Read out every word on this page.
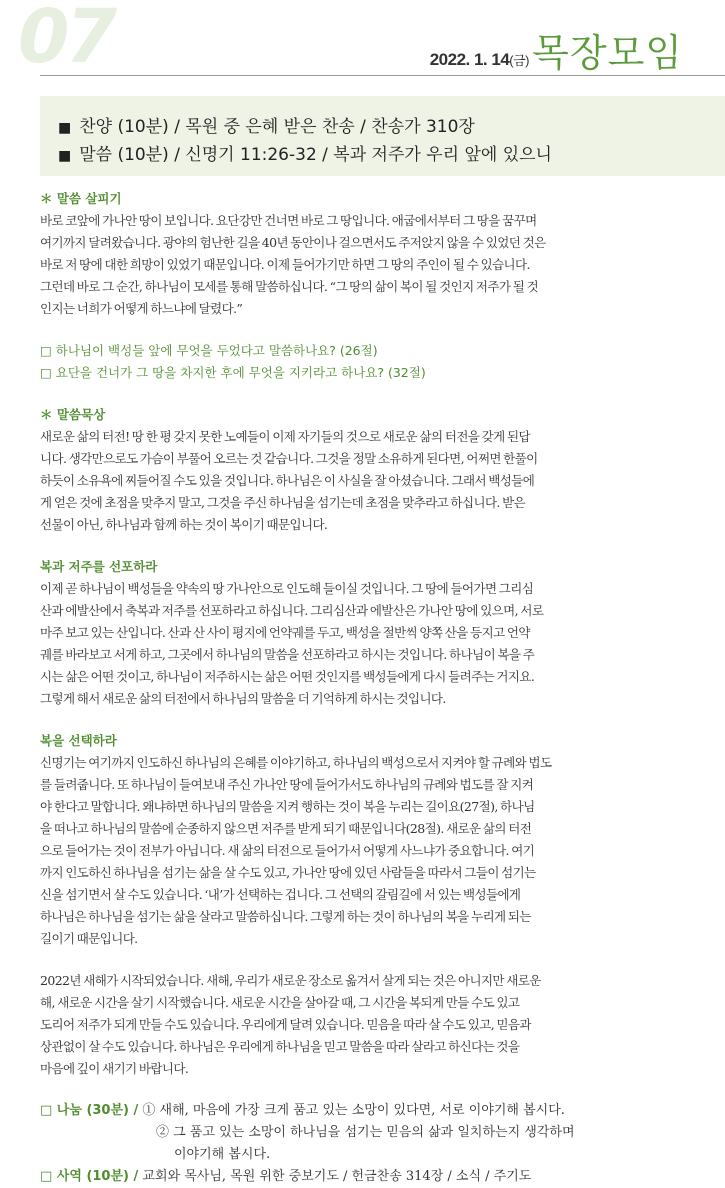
07	2022. 1. 14(금) 목장모임
■ 찬양 (10분) / 목원 중 은혜 받은 찬송 / 찬송가 310장
■ 말씀 (10분) / 신명기 11:26-32 / 복과 저주가 우리 앞에 있으니
＊ 말씀 살피기
바로 코앞에 가나안 땅이 보입니다. 요단강만 건너면 바로 그 땅입니다. 애굽에서부터 그 땅을 꿈꾸며
여기까지 달려왔습니다. 광야의 험난한 길을 40년 동안이나 걸으면서도 주저앉지 않을 수 있었던 것은
바로 저 땅에 대한 희망이 있었기 때문입니다. 이제 들어가기만 하면 그 땅의 주인이 될 수 있습니다.
그런데 바로 그 순간, 하나님이 모세를 통해 말씀하십니다. “그 땅의 삶이 복이 될 것인지 저주가 될 것
인지는 너희가 어떻게 하느냐에 달렸다.”
□ 하나님이 백성들 앞에 무엇을 두었다고 말씀하나요? (26절)
□ 요단을 건너가 그 땅을 차지한 후에 무엇을 지키라고 하나요? (32절)
＊ 말씀묵상
새로운 삶의 터전! 땅 한 평 갖지 못한 노예들이 이제 자기들의 것으로 새로운 삶의 터전을 갖게 된답
니다. 생각만으로도 가슴이 부풀어 오르는 것 같습니다. 그것을 정말 소유하게 된다면, 어쩌면 한풀이
하듯이 소유욕에 찌들어질 수도 있을 것입니다. 하나님은 이 사실을 잘 아셨습니다. 그래서 백성들에
게 얻은 것에 초점을 맞추지 말고, 그것을 주신 하나님을 섬기는데 초점을 맞추라고 하십니다. 받은
선물이 아닌, 하나님과 함께 하는 것이 복이기 때문입니다.
복과 저주를 선포하라
이제 곧 하나님이 백성들을 약속의 땅 가나안으로 인도해 들이실 것입니다. 그 땅에 들어가면 그리심
산과 에발산에서 축복과 저주를 선포하라고 하십니다. 그리심산과 에발산은 가나안 땅에 있으며, 서로
마주 보고 있는 산입니다. 산과 산 사이 평지에 언약궤를 두고, 백성을 절반씩 양쪽 산을 등지고 언약
궤를 바라보고 서게 하고, 그곳에서 하나님의 말씀을 선포하라고 하시는 것입니다. 하나님이 복을 주
시는 삶은 어떤 것이고, 하나님이 저주하시는 삶은 어떤 것인지를 백성들에게 다시 들려주는 거지요.
그렇게 해서 새로운 삶의 터전에서 하나님의 말씀을 더 기억하게 하시는 것입니다.
복을 선택하라
신명기는 여기까지 인도하신 하나님의 은혜를 이야기하고, 하나님의 백성으로서 지켜야 할 규례와 법도
를 들려줍니다. 또 하나님이 들여보내 주신 가나안 땅에 들어가서도 하나님의 규례와 법도를 잘 지켜
야 한다고 말합니다. 왜냐하면 하나님의 말씀을 지켜 행하는 것이 복을 누리는 길이요(27절), 하나님
을 떠나고 하나님의 말씀에 순종하지 않으면 저주를 받게 되기 때문입니다(28절). 새로운 삶의 터전
으로 들어가는 것이 전부가 아닙니다. 새 삶의 터전으로 들어가서 어떻게 사느냐가 중요합니다. 여기
까지 인도하신 하나님을 섬기는 삶을 살 수도 있고, 가나안 땅에 있던 사람들을 따라서 그들이 섬기는
신을 섬기면서 살 수도 있습니다. ‘내’가 선택하는 겁니다. 그 선택의 갈림길에 서 있는 백성들에게
하나님은 하나님을 섬기는 삶을 살라고 말씀하십니다. 그렇게 하는 것이 하나님의 복을 누리게 되는
길이기 때문입니다.
2022년 새해가 시작되었습니다. 새해, 우리가 새로운 장소로 옮겨서 살게 되는 것은 아니지만 새로운
해, 새로운 시간을 살기 시작했습니다. 새로운 시간을 살아갈 때, 그 시간을 복되게 만들 수도 있고
도리어 저주가 되게 만들 수도 있습니다. 우리에게 달려 있습니다. 믿음을 따라 살 수도 있고, 믿음과
상관없이 살 수도 있습니다. 하나님은 우리에게 하나님을 믿고 말씀을 따라 살라고 하신다는 것을
마음에 깊이 새기기 바랍니다.
□ 나눔 (30분) / ① 새해, 마음에 가장 크게 품고 있는 소망이 있다면, 서로 이야기해 봅시다.
② 그 품고 있는 소망이 하나님을 섬기는 믿음의 삶과 일치하는지 생각하며
이야기해 봅시다.
□ 사역 (10분) / 교회와 목사님, 목원 위한 중보기도 / 헌금찬송 314장 / 소식 / 주기도
